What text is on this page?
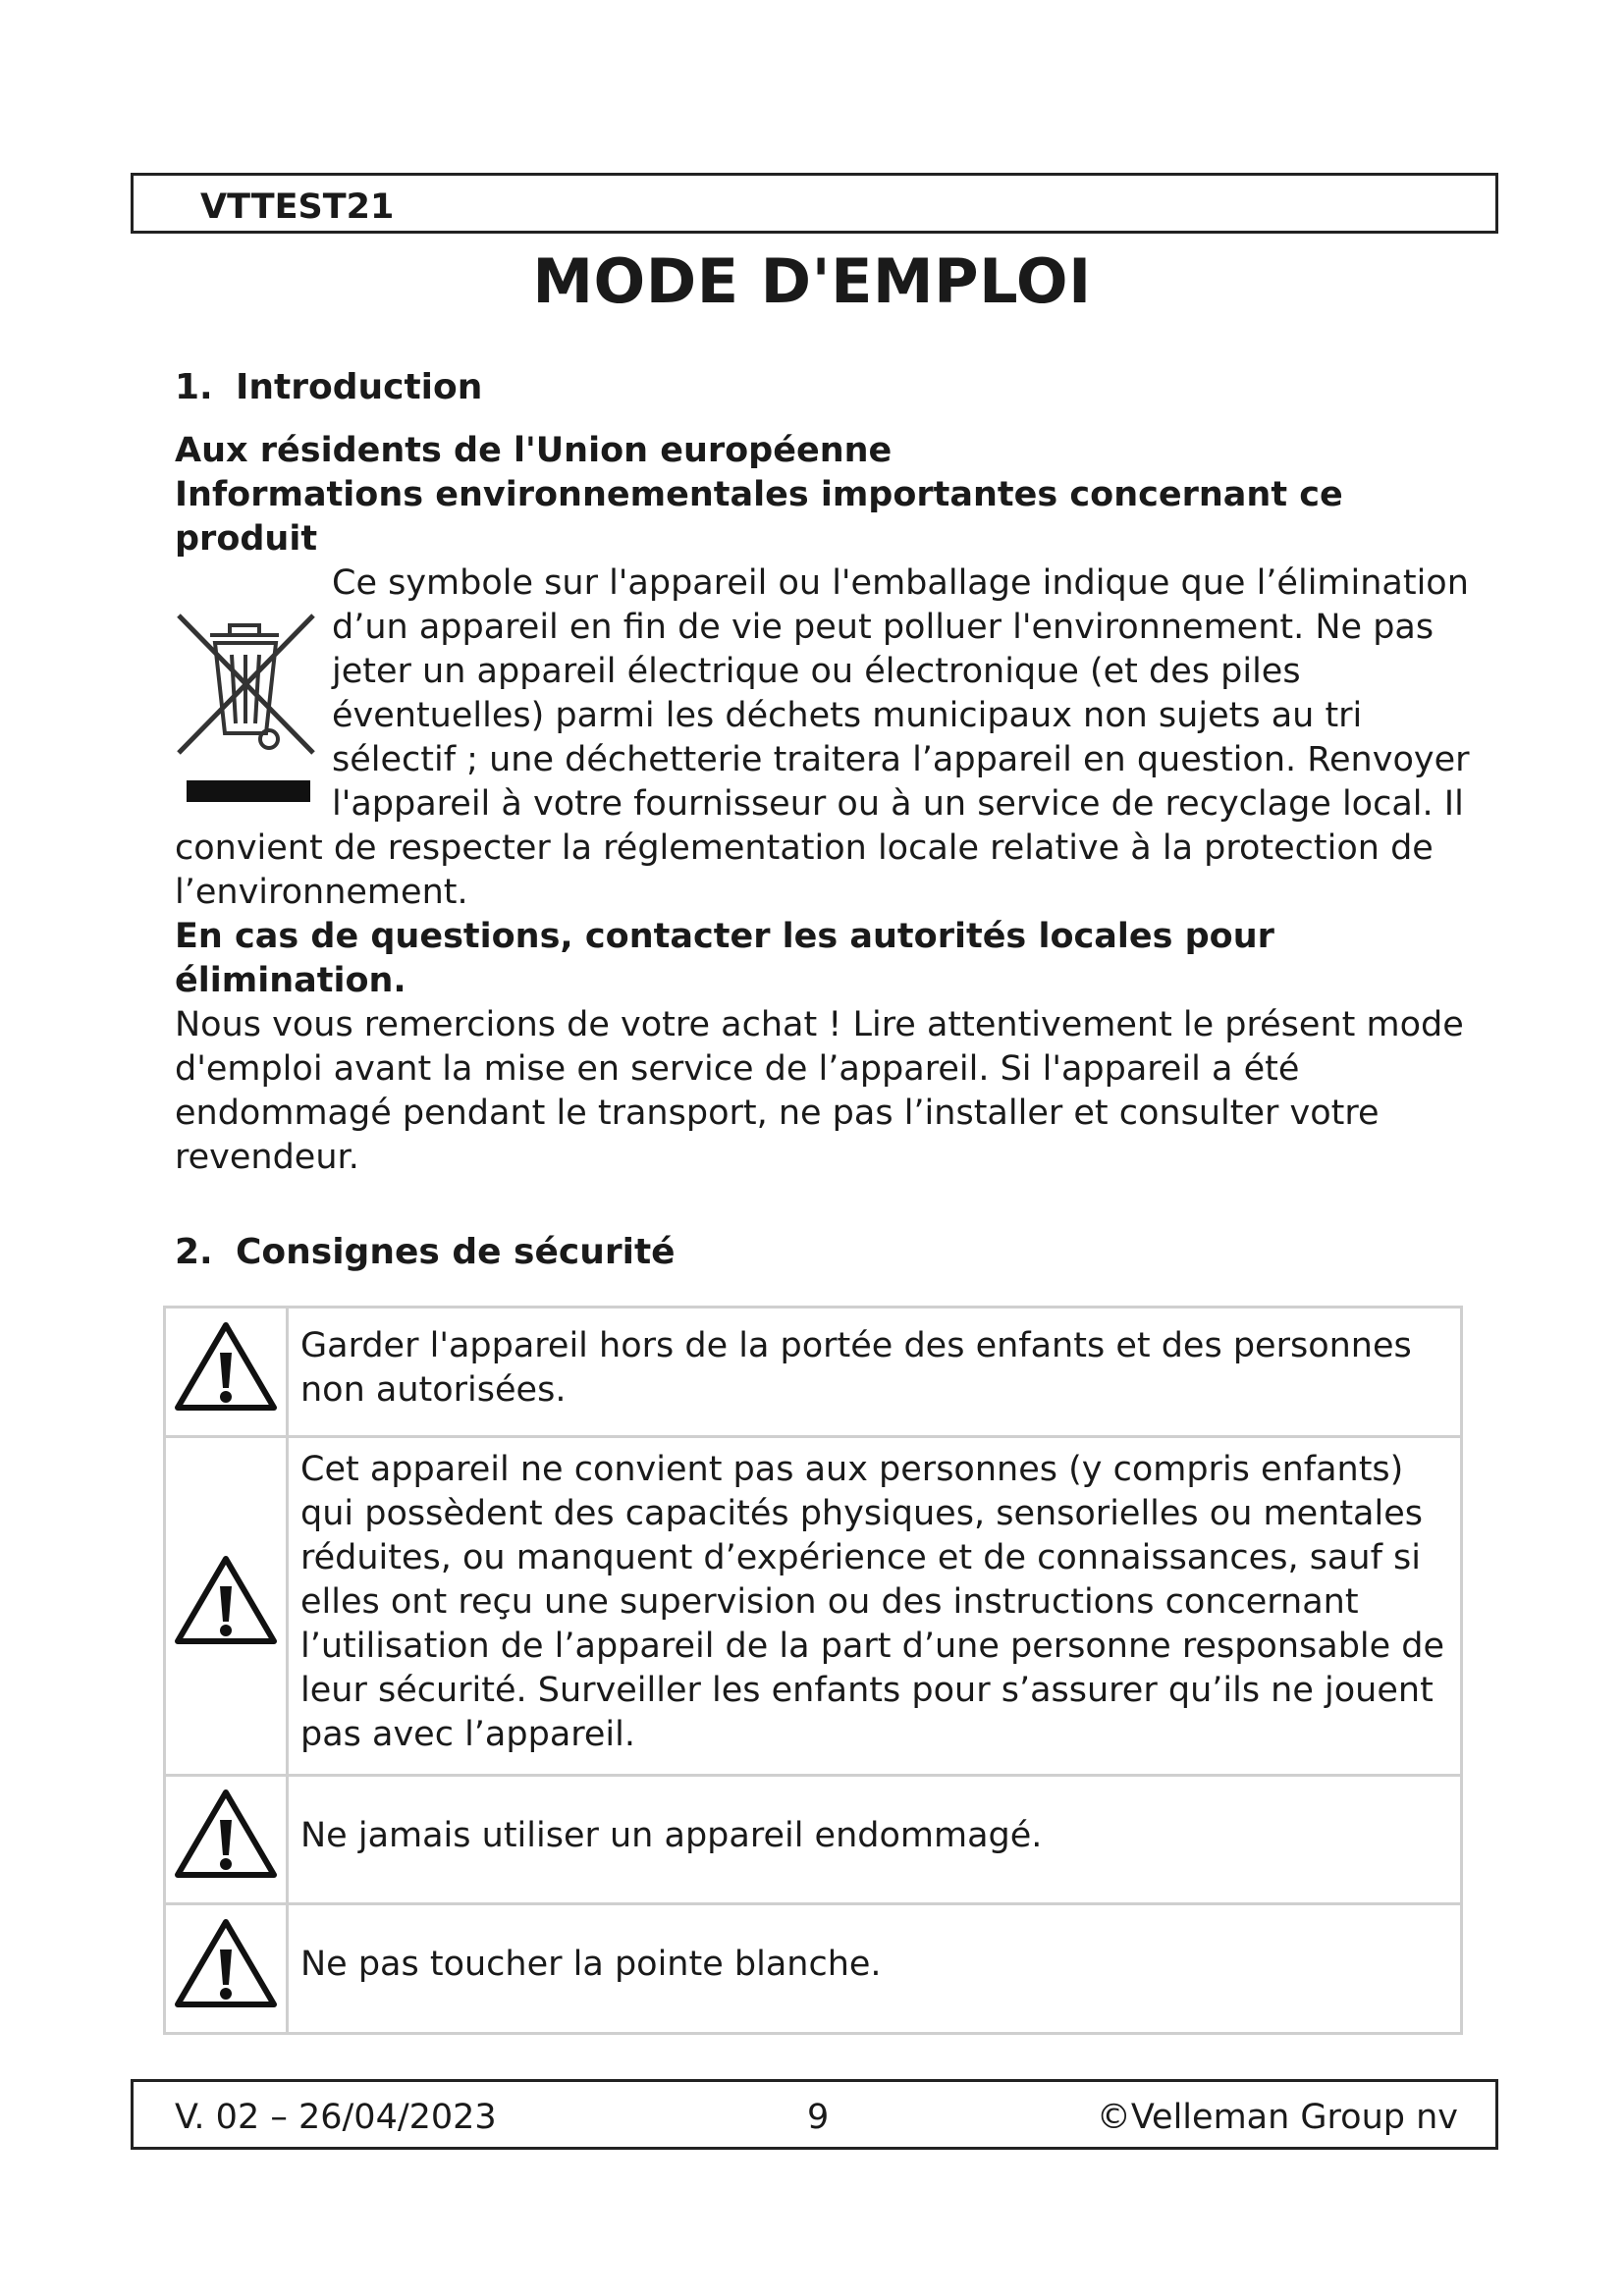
VTTEST21
MODE D'EMPLOI
1. Introduction
Aux résidents de l'Union européenne
Informations environnementales importantes concernant ce produit
Ce symbole sur l'appareil ou l'emballage indique que l’élimination d’un appareil en fin de vie peut polluer l'environnement. Ne pas jeter un appareil électrique ou électronique (et des piles éventuelles) parmi les déchets municipaux non sujets au tri sélectif ; une déchetterie traitera l’appareil en question. Renvoyer l'appareil à votre fournisseur ou à un service de recyclage local. Il convient de respecter la réglementation locale relative à la protection de l’environnement.
En cas de questions, contacter les autorités locales pour élimination.
Nous vous remercions de votre achat ! Lire attentivement le présent mode d'emploi avant la mise en service de l’appareil. Si l'appareil a été endommagé pendant le transport, ne pas l’installer et consulter votre revendeur.
2. Consignes de sécurité
	Garder l'appareil hors de la portée des enfants et des personnes non autorisées.
	Cet appareil ne convient pas aux personnes (y compris enfants) qui possèdent des capacités physiques, sensorielles ou mentales réduites, ou manquent d’expérience et de connaissances, sauf si elles ont reçu une supervision ou des instructions concernant l’utilisation de l’appareil de la part d’une personne responsable de leur sécurité. Surveiller les enfants pour s’assurer qu’ils ne jouent pas avec l’appareil.
	Ne jamais utiliser un appareil endommagé.
	Ne pas toucher la pointe blanche.
V. 02 – 26/04/2023	9	©Velleman Group nv
